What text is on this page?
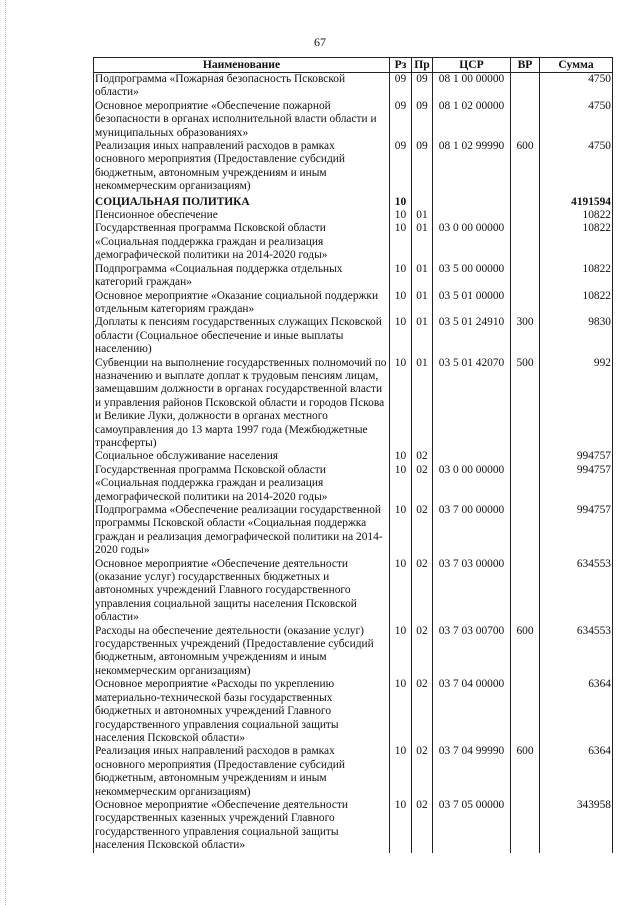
67
Наименование	Рз	Пр	ЦСР	ВР	Сумма
Подпрограмма «Пожарная безопасность Псковской области»	09	09	08 1 00 00000		4750
Основное мероприятие «Обеспечение пожарной безопасности в органах исполнительной власти области и муниципальных образованиях»	09	09	08 1 02 00000		4750
Реализация иных направлений расходов в рамках основного мероприятия (Предоставление субсидий бюджетным, автономным учреждениям и иным некоммерческим организациям)	09	09	08 1 02 99990	600	4750
СОЦИАЛЬНАЯ ПОЛИТИКА	10				4191594
Пенсионное обеспечение	10	01			10822
Государственная программа Псковской области «Социальная поддержка граждан и реализация демографической политики на 2014-2020 годы»	10	01	03 0 00 00000		10822
Подпрограмма «Социальная поддержка отдельных категорий граждан»	10	01	03 5 00 00000		10822
Основное мероприятие «Оказание социальной поддержки отдельным категориям граждан»	10	01	03 5 01 00000		10822
Доплаты к пенсиям государственных служащих Псковской области (Социальное обеспечение и иные выплаты населению)	10	01	03 5 01 24910	300	9830
Субвенции на выполнение государственных полномочий по назначению и выплате доплат к трудовым пенсиям лицам, замещавшим должности в органах государственной власти и управления районов Псковской области и городов Пскова и Великие Луки, должности в органах местного самоуправления до 13 марта 1997 года (Межбюджетные трансферты)	10	01	03 5 01 42070	500	992
Социальное обслуживание населения	10	02			994757
Государственная программа Псковской области «Социальная поддержка граждан и реализация демографической политики на 2014-2020 годы»	10	02	03 0 00 00000		994757
Подпрограмма «Обеспечение реализации государственной программы Псковской области «Социальная поддержка граждан и реализация демографической политики на 2014-2020 годы»	10	02	03 7 00 00000		994757
Основное мероприятие «Обеспечение деятельности (оказание услуг) государственных бюджетных и автономных учреждений Главного государственного управления социальной защиты населения Псковской области»	10	02	03 7 03 00000		634553
Расходы на обеспечение деятельности (оказание услуг) государственных учреждений (Предоставление субсидий бюджетным, автономным учреждениям и иным некоммерческим организациям)	10	02	03 7 03 00700	600	634553
Основное мероприятие «Расходы по укреплению материально-технической базы государственных бюджетных и автономных учреждений Главного государственного управления социальной защиты населения Псковской области»	10	02	03 7 04 00000		6364
Реализация иных направлений расходов в рамках основного мероприятия (Предоставление субсидий бюджетным, автономным учреждениям и иным некоммерческим организациям)	10	02	03 7 04 99990	600	6364
Основное мероприятие «Обеспечение деятельности государственных казенных учреждений Главного государственного управления социальной защиты населения Псковской области»	10	02	03 7 05 00000		343958
